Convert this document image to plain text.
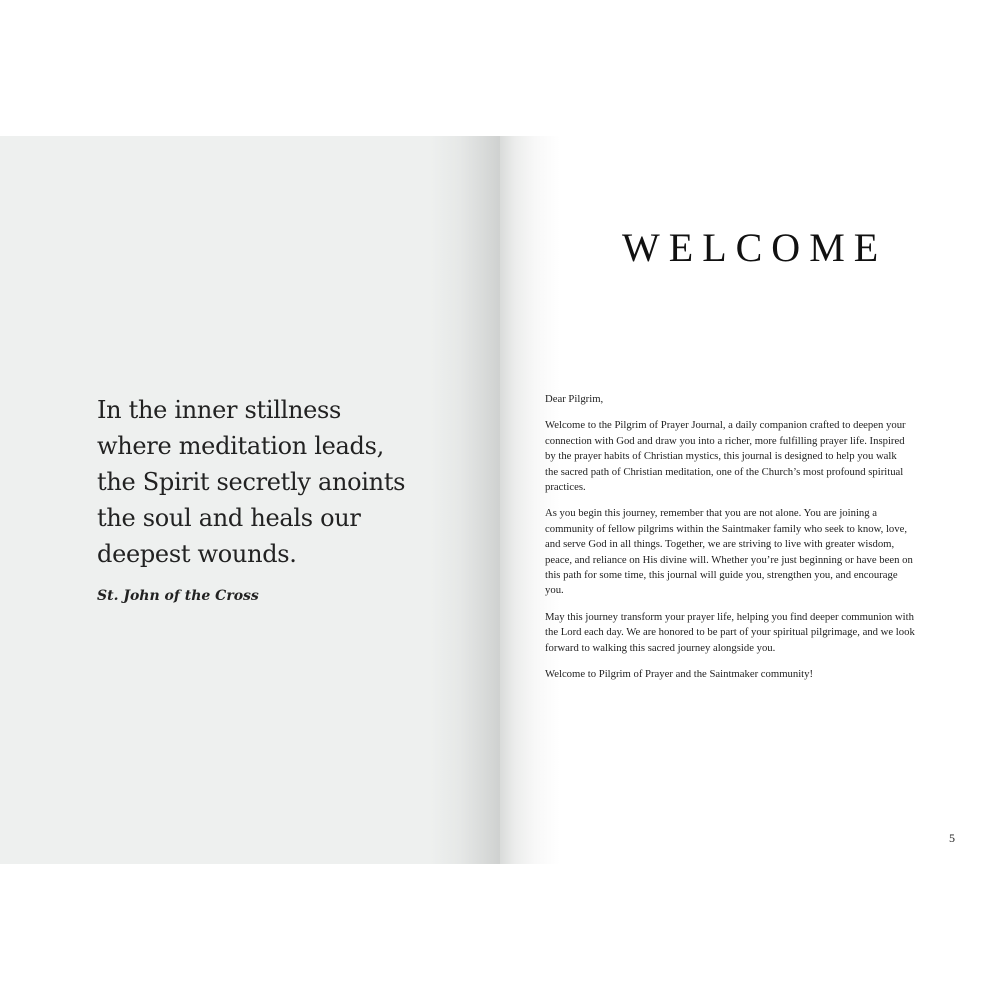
In the inner stillness
where meditation leads,
the Spirit secretly anoints
the soul and heals our
deepest wounds.
St. John of the Cross
WELCOME

Dear Pilgrim,

Welcome to the Pilgrim of Prayer Journal, a daily companion crafted to deepen your
connection with God and draw you into a richer, more fulfilling prayer life. Inspired
by the prayer habits of Christian mystics, this journal is designed to help you walk
the sacred path of Christian meditation, one of the Church’s most profound spiritual
practices.

As you begin this journey, remember that you are not alone. You are joining a
community of fellow pilgrims within the Saintmaker family who seek to know, love,
and serve God in all things. Together, we are striving to live with greater wisdom,
peace, and reliance on His divine will. Whether you’re just beginning or have been on
this path for some time, this journal will guide you, strengthen you, and encourage
you.

May this journey transform your prayer life, helping you find deeper communion with
the Lord each day. We are honored to be part of your spiritual pilgrimage, and we look
forward to walking this sacred journey alongside you.

Welcome to Pilgrim of Prayer and the Saintmaker community!

5
